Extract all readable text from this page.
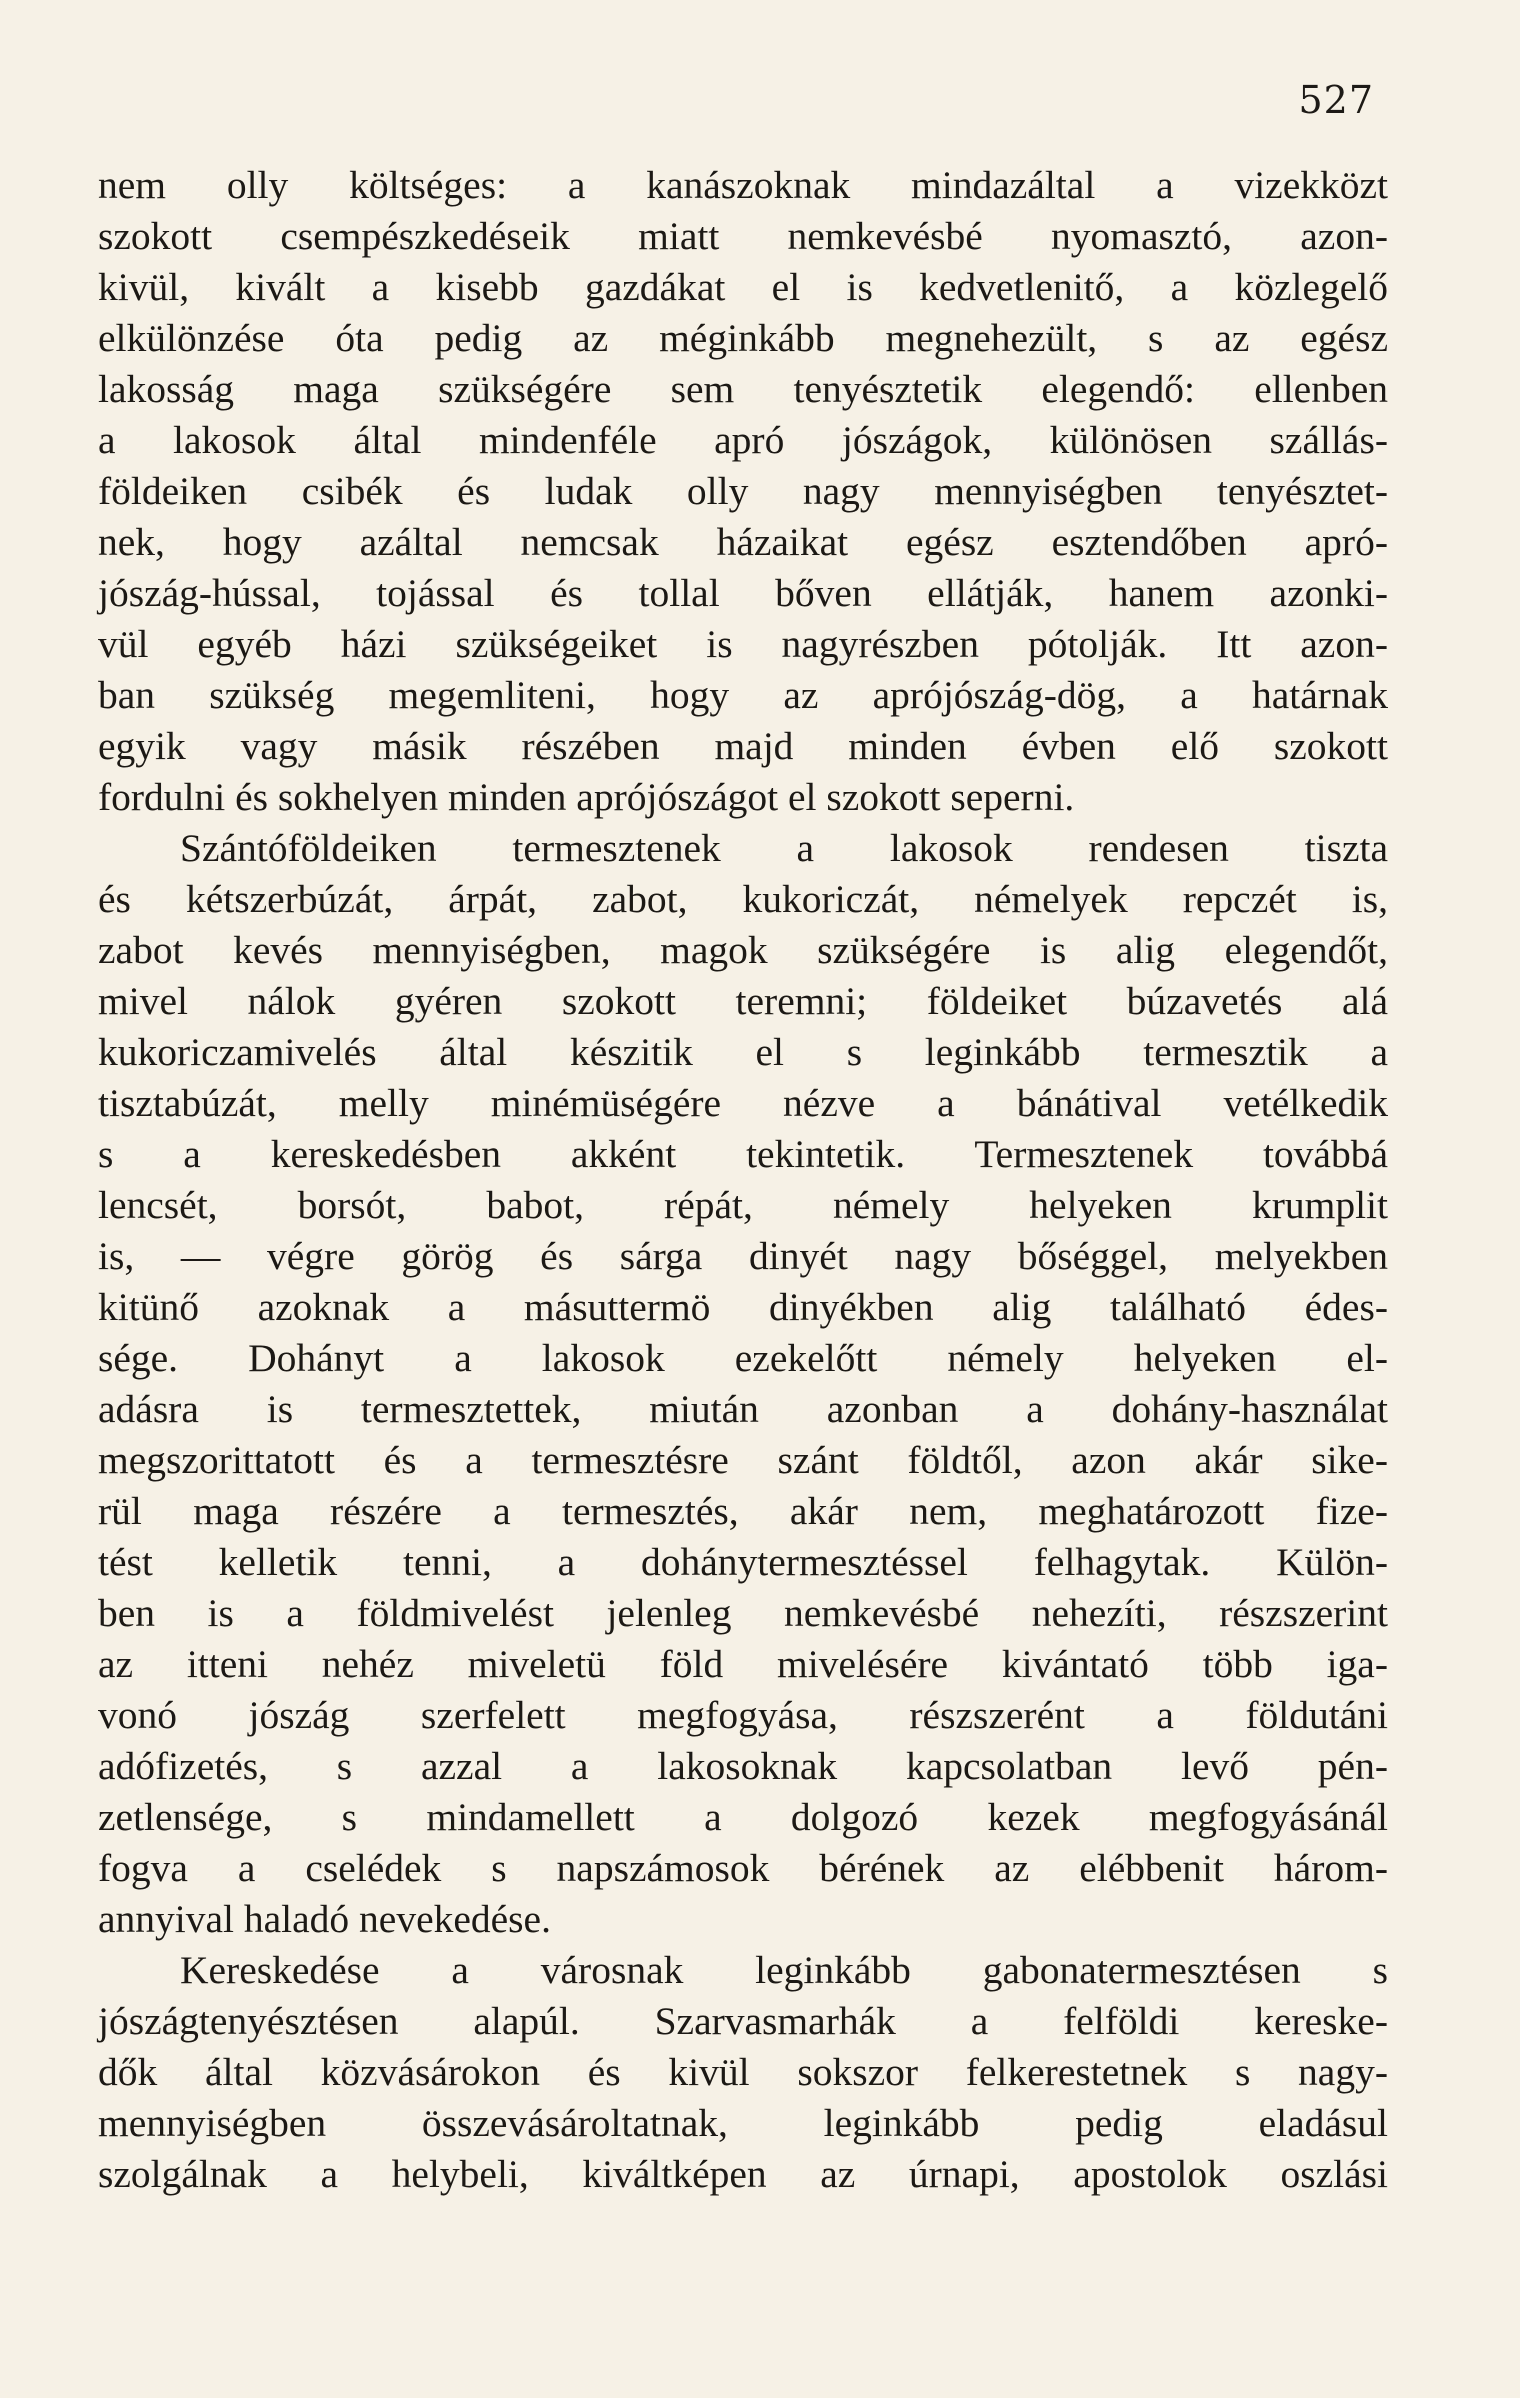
527
nem olly költséges: a kanászoknak mindazáltal a vizekközt
szokott csempészkedéseik miatt nemkevésbé nyomasztó, azon-
kivül, kivált a kisebb gazdákat el is kedvetlenitő, a közlegelő
elkülönzése óta pedig az méginkább megnehezült, s az egész
lakosság maga szükségére sem tenyésztetik elegendő: ellenben
a lakosok által mindenféle apró jószágok, különösen szállás-
földeiken csibék és ludak olly nagy mennyiségben tenyésztet-
nek, hogy azáltal nemcsak házaikat egész esztendőben apró-
jószág-hússal, tojással és tollal bőven ellátják, hanem azonki-
vül egyéb házi szükségeiket is nagyrészben pótolják. Itt azon-
ban szükség megemliteni, hogy az aprójószág-dög, a határnak
egyik vagy másik részében majd minden évben elő szokott
fordulni és sokhelyen minden aprójószágot el szokott seperni.
Szántóföldeiken termesztenek a lakosok rendesen tiszta
és kétszerbúzát, árpát, zabot, kukoriczát, némelyek repczét is,
zabot kevés mennyiségben, magok szükségére is alig elegendőt,
mivel nálok gyéren szokott teremni; földeiket búzavetés alá
kukoriczamivelés által készitik el s leginkább termesztik a
tisztabúzát, melly minémüségére nézve a bánátival vetélkedik
s a kereskedésben akként tekintetik. Termesztenek továbbá
lencsét, borsót, babot, répát, némely helyeken krumplit
is, — végre görög és sárga dinyét nagy bőséggel, melyekben
kitünő azoknak a másuttermö dinyékben alig található édes-
sége. Dohányt a lakosok ezekelőtt némely helyeken el-
adásra is termesztettek, miután azonban a dohány-használat
megszorittatott és a termesztésre szánt földtől, azon akár sike-
rül maga részére a termesztés, akár nem, meghatározott fize-
tést kelletik tenni, a dohánytermesztéssel felhagytak. Külön-
ben is a földmivelést jelenleg nemkevésbé nehezíti, részszerint
az itteni nehéz miveletü föld mivelésére kivántató több iga-
vonó jószág szerfelett megfogyása, részszerént a földutáni
adófizetés, s azzal a lakosoknak kapcsolatban levő pén-
zetlensége, s mindamellett a dolgozó kezek megfogyásánál
fogva a cselédek s napszámosok bérének az elébbenit három-
annyival haladó nevekedése.
Kereskedése a városnak leginkább gabonatermesztésen s
jószágtenyésztésen alapúl. Szarvasmarhák a felföldi kereske-
dők által közvásárokon és kivül sokszor felkerestetnek s nagy-
mennyiségben összevásároltatnak, leginkább pedig eladásul
szolgálnak a helybeli, kiváltképen az úrnapi, apostolok oszlási
